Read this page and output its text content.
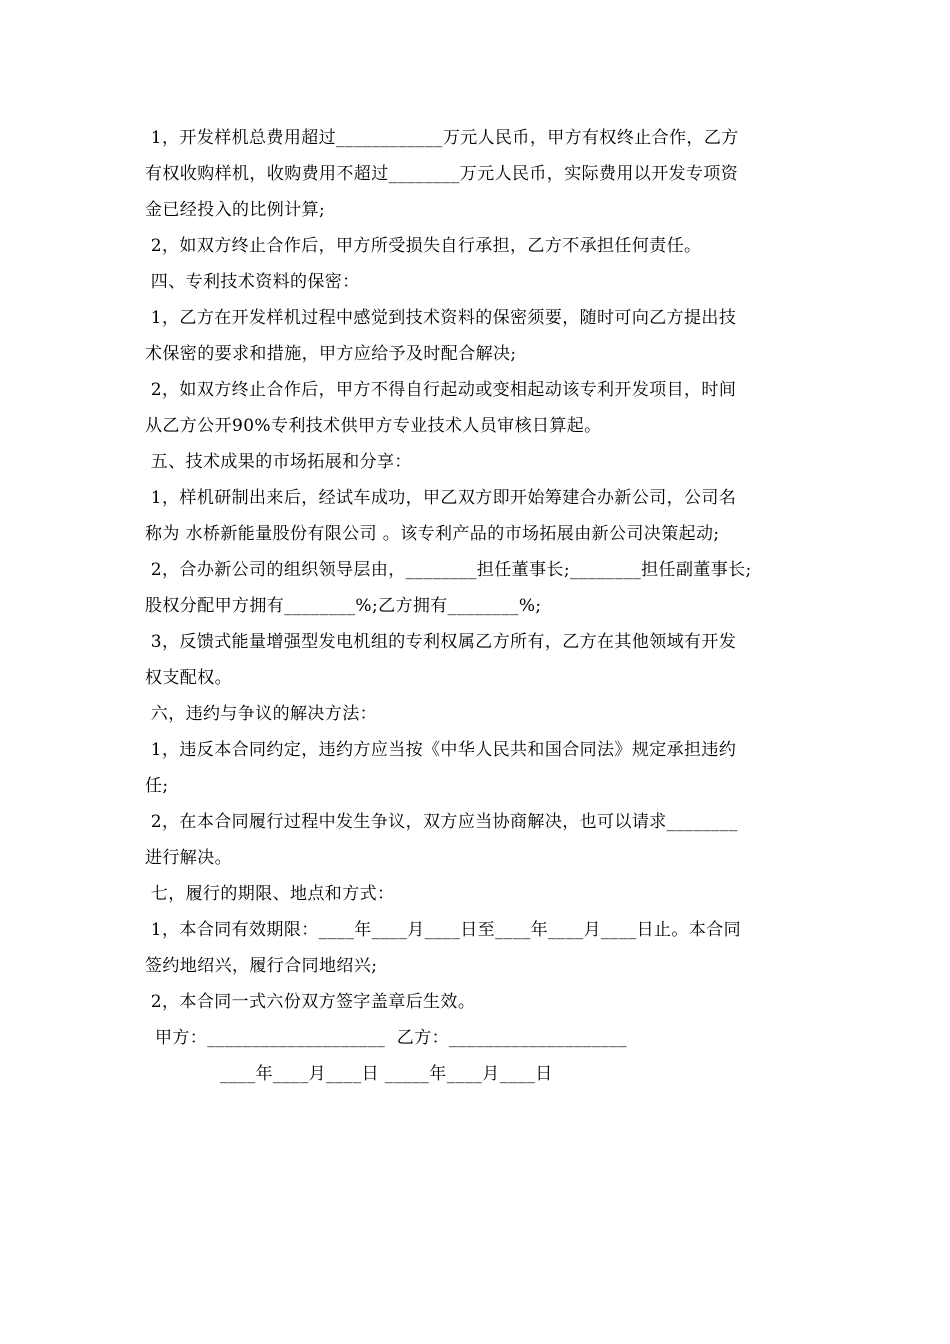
1，开发样机总费用超过____________万元人民币，甲方有权终止合作，乙方
有权收购样机，收购费用不超过________万元人民币，实际费用以开发专项资
金已经投入的比例计算;
2，如双方终止合作后，甲方所受损失自行承担，乙方不承担任何责任。
四、专利技术资料的保密：
1，乙方在开发样机过程中感觉到技术资料的保密须要，随时可向乙方提出技
术保密的要求和措施，甲方应给予及时配合解决;
2，如双方终止合作后，甲方不得自行起动或变相起动该专利开发项目，时间
从乙方公开90%专利技术供甲方专业技术人员审核日算起。
五、技术成果的市场拓展和分享：
1，样机研制出来后，经试车成功，甲乙双方即开始筹建合办新公司，公司名
称为 水桥新能量股份有限公司 。该专利产品的市场拓展由新公司决策起动;
2，合办新公司的组织领导层由，________担任董事长;________担任副董事长;
股权分配甲方拥有________%;乙方拥有________%;
3，反馈式能量增强型发电机组的专利权属乙方所有，乙方在其他领域有开发
权支配权。
六，违约与争议的解决方法：
1，违反本合同约定，违约方应当按《中华人民共和国合同法》规定承担违约
任;
2，在本合同履行过程中发生争议，双方应当协商解决，也可以请求________
进行解决。
七，履行的期限、地点和方式：
1，本合同有效期限：____年____月____日至____年____月____日止。本合同
签约地绍兴，履行合同地绍兴;
2，本合同一式六份双方签字盖章后生效。
甲方：____________________  乙方：____________________
____年____月____日 _____年____月____日
